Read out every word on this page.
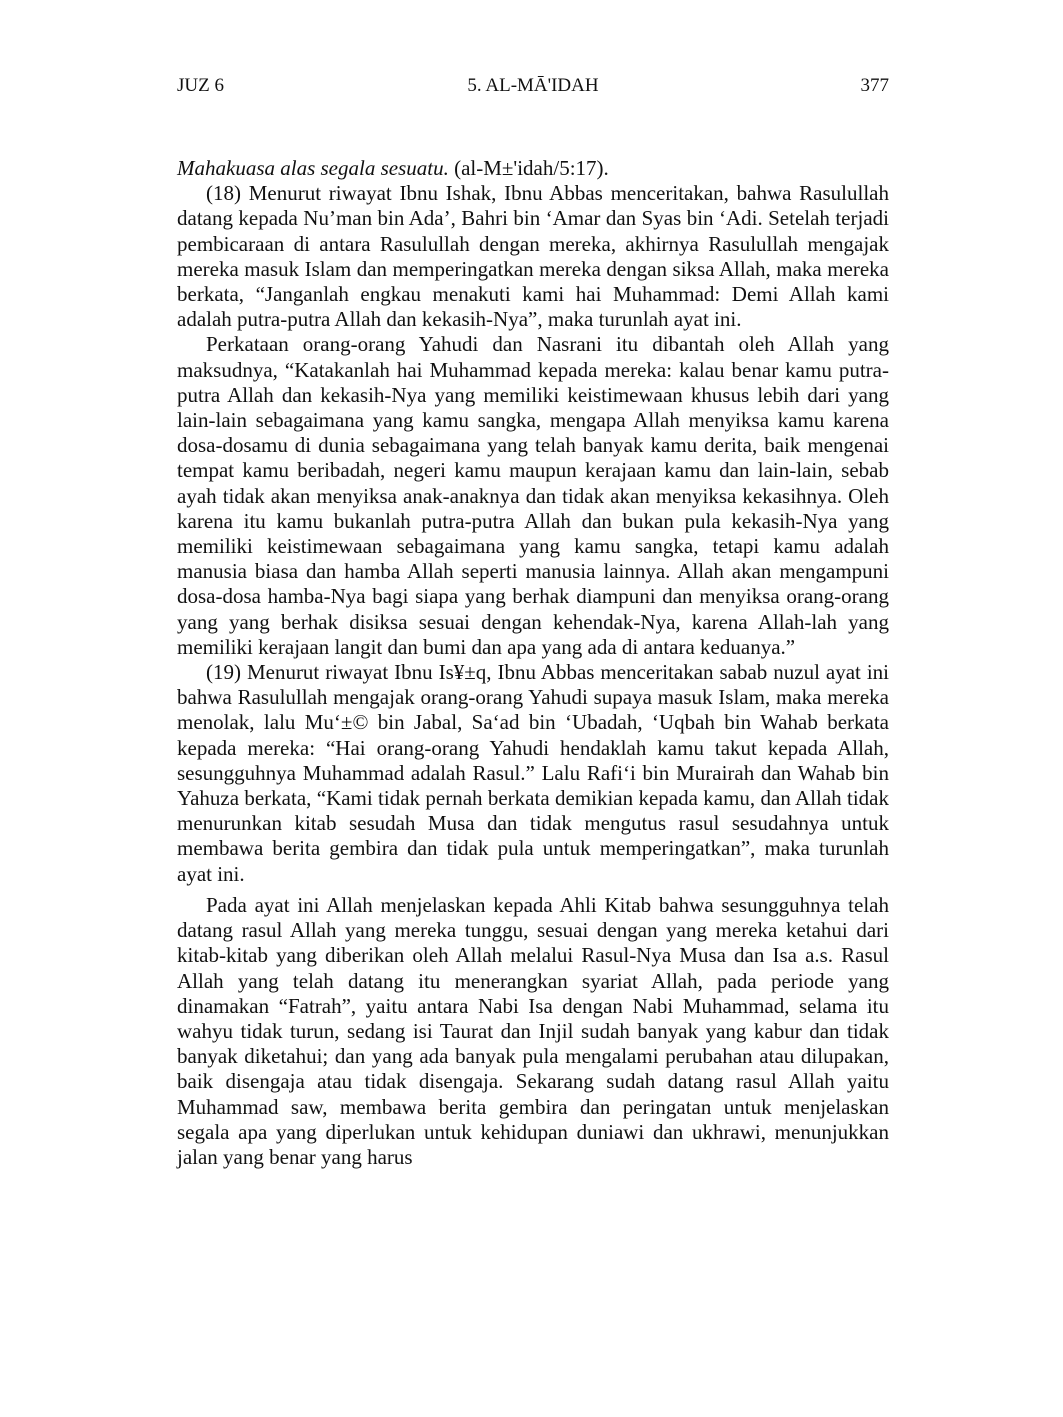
JUZ 6	5. AL-MĀ'IDAH	377

Mahakuasa alas segala sesuatu. (al-M±'idah/5:17).

(18) Menurut riwayat Ibnu Ishak, Ibnu Abbas menceritakan, bahwa Rasulullah datang kepada Nu’man bin Ada’, Bahri bin ‘Amar dan Syas bin ‘Adi. Setelah terjadi pembicaraan di antara Rasulullah dengan mereka, akhirnya Rasulullah mengajak mereka masuk Islam dan memperingatkan mereka dengan siksa Allah, maka mereka berkata, “Janganlah engkau menakuti kami hai Muhammad: Demi Allah kami adalah putra-putra Allah dan kekasih-Nya”, maka turunlah ayat ini.

Perkataan orang-orang Yahudi dan Nasrani itu dibantah oleh Allah yang maksudnya, “Katakanlah hai Muhammad kepada mereka: kalau benar kamu putra-putra Allah dan kekasih-Nya yang memiliki keistimewaan khusus lebih dari yang lain-lain sebagaimana yang kamu sangka, mengapa Allah menyiksa kamu karena dosa-dosamu di dunia sebagaimana yang telah banyak kamu derita, baik mengenai tempat kamu beribadah, negeri kamu maupun kerajaan kamu dan lain-lain, sebab ayah tidak akan menyiksa anak-anaknya dan tidak akan menyiksa kekasihnya. Oleh karena itu kamu bukanlah putra-putra Allah dan bukan pula kekasih-Nya yang memiliki keistimewaan sebagaimana yang kamu sangka, tetapi kamu adalah manusia biasa dan hamba Allah seperti manusia lainnya. Allah akan mengampuni dosa-dosa hamba-Nya bagi siapa yang berhak diampuni dan menyiksa orang-orang yang yang berhak disiksa sesuai dengan kehendak-Nya, karena Allah-lah yang memiliki kerajaan langit dan bumi dan apa yang ada di antara keduanya.”

(19) Menurut riwayat Ibnu Is¥±q, Ibnu Abbas menceritakan sabab nuzul ayat ini bahwa Rasulullah mengajak orang-orang Yahudi supaya masuk Islam, maka mereka menolak, lalu Mu‘±© bin Jabal, Sa‘ad bin ‘Ubadah, ‘Uqbah bin Wahab berkata kepada mereka: “Hai orang-orang Yahudi hendaklah kamu takut kepada Allah, sesungguhnya Muhammad adalah Rasul.” Lalu Rafi‘i bin Murairah dan Wahab bin Yahuza berkata, “Kami tidak pernah berkata demikian kepada kamu, dan Allah tidak menurunkan kitab sesudah Musa dan tidak mengutus rasul sesudahnya untuk membawa berita gembira dan tidak pula untuk memperingatkan”, maka turunlah ayat ini.

Pada ayat ini Allah menjelaskan kepada Ahli Kitab bahwa sesungguhnya telah datang rasul Allah yang mereka tunggu, sesuai dengan yang mereka ketahui dari kitab-kitab yang diberikan oleh Allah melalui Rasul-Nya Musa dan Isa a.s. Rasul Allah yang telah datang itu menerangkan syariat Allah, pada periode yang dinamakan “Fatrah”, yaitu antara Nabi Isa dengan Nabi Muhammad, selama itu wahyu tidak turun, sedang isi Taurat dan Injil sudah banyak yang kabur dan tidak banyak diketahui; dan yang ada banyak pula mengalami perubahan atau dilupakan, baik disengaja atau tidak disengaja. Sekarang sudah datang rasul Allah yaitu Muhammad saw, membawa berita gembira dan peringatan untuk menjelaskan segala apa yang diperlukan untuk kehidupan duniawi dan ukhrawi, menunjukkan jalan yang benar yang harus
